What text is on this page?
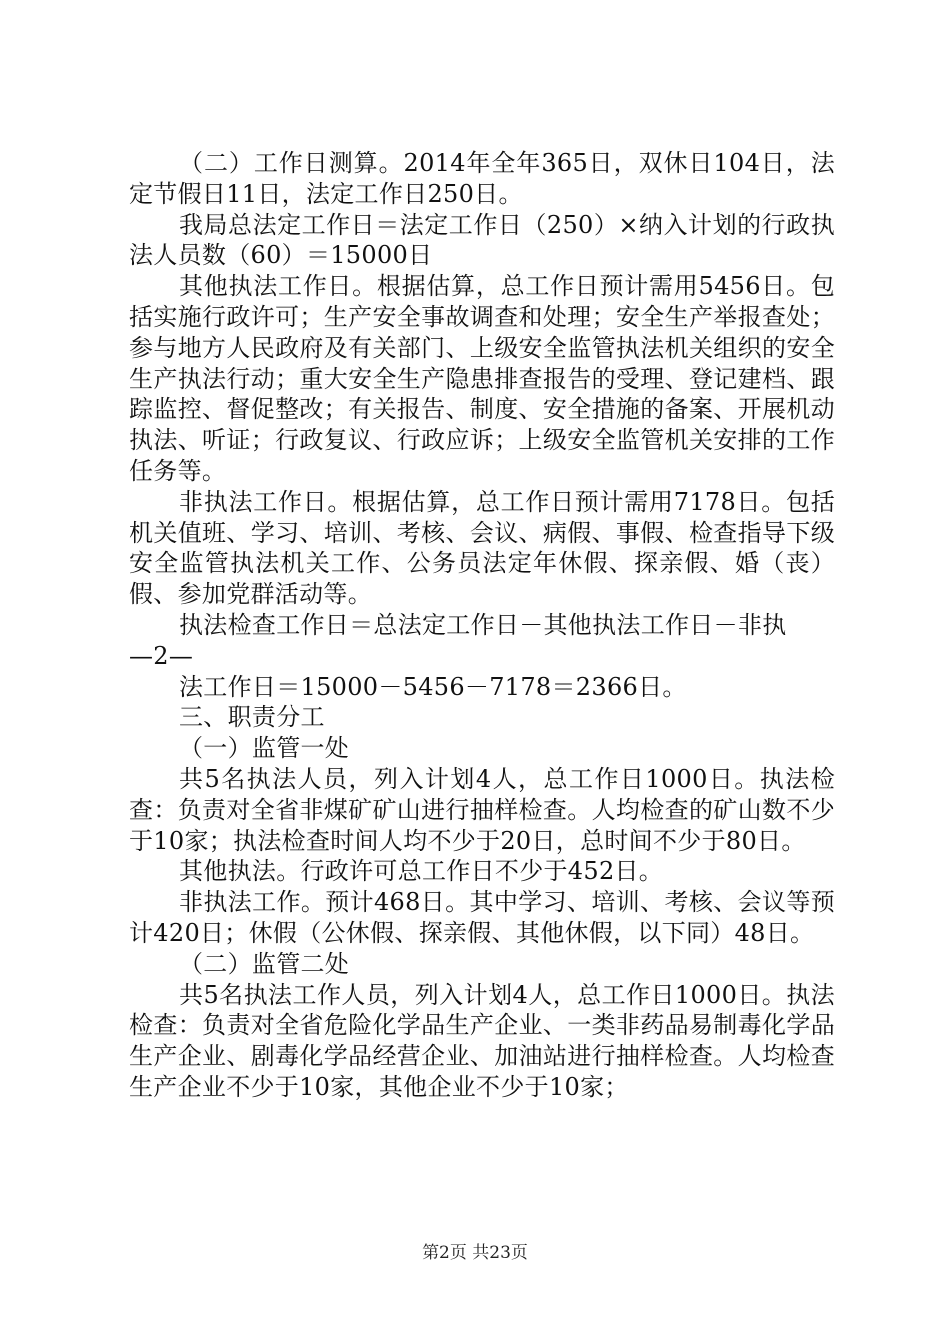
（二）工作日测算。2014年全年365日，双休日104日，法定节假日11日，法定工作日250日。

我局总法定工作日＝法定工作日（250）×纳入计划的行政执法人员数（60）＝15000日

其他执法工作日。根据估算，总工作日预计需用5456日。包括实施行政许可；生产安全事故调查和处理；安全生产举报查处；参与地方人民政府及有关部门、上级安全监管执法机关组织的安全生产执法行动；重大安全生产隐患排查报告的受理、登记建档、跟踪监控、督促整改；有关报告、制度、安全措施的备案、开展机动执法、听证；行政复议、行政应诉；上级安全监管机关安排的工作任务等。

非执法工作日。根据估算，总工作日预计需用7178日。包括机关值班、学习、培训、考核、会议、病假、事假、检查指导下级安全监管执法机关工作、公务员法定年休假、探亲假、婚（丧）假、参加党群活动等。

执法检查工作日＝总法定工作日－其他执法工作日－非执

—2—

法工作日＝15000－5456－7178＝2366日。

三、职责分工

（一）监管一处

共5名执法人员，列入计划4人，总工作日1000日。执法检查：负责对全省非煤矿矿山进行抽样检查。人均检查的矿山数不少于10家；执法检查时间人均不少于20日，总时间不少于80日。

其他执法。行政许可总工作日不少于452日。

非执法工作。预计468日。其中学习、培训、考核、会议等预计420日；休假（公休假、探亲假、其他休假，以下同）48日。

（二）监管二处

共5名执法工作人员，列入计划4人，总工作日1000日。执法检查：负责对全省危险化学品生产企业、一类非药品易制毒化学品生产企业、剧毒化学品经营企业、加油站进行抽样检查。人均检查生产企业不少于10家，其他企业不少于10家；

第2页 共23页
